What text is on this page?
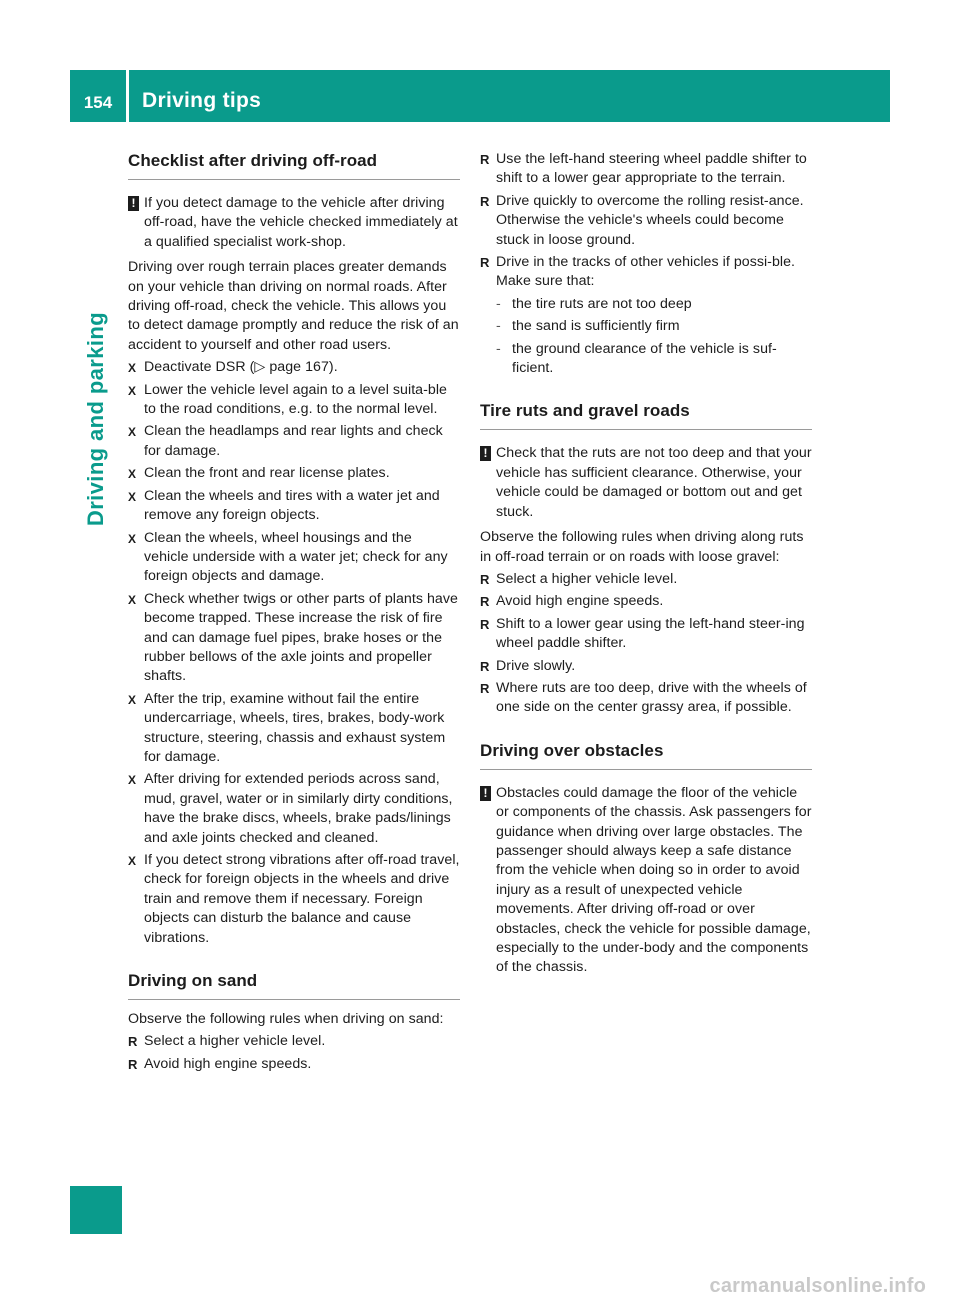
154	Driving tips
Driving and parking
Checklist after driving off-road
! If you detect damage to the vehicle after driving off-road, have the vehicle checked immediately at a qualified specialist work-shop.

Driving over rough terrain places greater demands on your vehicle than driving on normal roads. After driving off-road, check the vehicle. This allows you to detect damage promptly and reduce the risk of an accident to yourself and other road users.

X Deactivate DSR (▷ page 167).
X Lower the vehicle level again to a level suita-ble to the road conditions, e.g. to the normal level.
X Clean the headlamps and rear lights and check for damage.
X Clean the front and rear license plates.
X Clean the wheels and tires with a water jet and remove any foreign objects.
X Clean the wheels, wheel housings and the vehicle underside with a water jet; check for any foreign objects and damage.
X Check whether twigs or other parts of plants have become trapped. These increase the risk of fire and can damage fuel pipes, brake hoses or the rubber bellows of the axle joints and propeller shafts.
X After the trip, examine without fail the entire undercarriage, wheels, tires, brakes, body-work structure, steering, chassis and exhaust system for damage.
X After driving for extended periods across sand, mud, gravel, water or in similarly dirty conditions, have the brake discs, wheels, brake pads/linings and axle joints checked and cleaned.
X If you detect strong vibrations after off-road travel, check for foreign objects in the wheels and drive train and remove them if necessary. Foreign objects can disturb the balance and cause vibrations.
Driving on sand

Observe the following rules when driving on sand:

R Select a higher vehicle level.
R Avoid high engine speeds.
R Use the left-hand steering wheel paddle shifter to shift to a lower gear appropriate to the terrain.
R Drive quickly to overcome the rolling resist-ance. Otherwise the vehicle's wheels could become stuck in loose ground.
R Drive in the tracks of other vehicles if possi-ble. Make sure that:
- the tire ruts are not too deep
- the sand is sufficiently firm
- the ground clearance of the vehicle is suf-ficient.
Tire ruts and gravel roads
! Check that the ruts are not too deep and that your vehicle has sufficient clearance. Otherwise, your vehicle could be damaged or bottom out and get stuck.

Observe the following rules when driving along ruts in off-road terrain or on roads with loose gravel:

R Select a higher vehicle level.
R Avoid high engine speeds.
R Shift to a lower gear using the left-hand steer-ing wheel paddle shifter.
R Drive slowly.
R Where ruts are too deep, drive with the wheels of one side on the center grassy area, if possible.
Driving over obstacles
! Obstacles could damage the floor of the vehicle or components of the chassis. Ask passengers for guidance when driving over large obstacles. The passenger should always keep a safe distance from the vehicle when doing so in order to avoid injury as a result of unexpected vehicle movements. After driving off-road or over obstacles, check the vehicle for possible damage, especially to the under-body and the components of the chassis.
carmanualsonline.info
